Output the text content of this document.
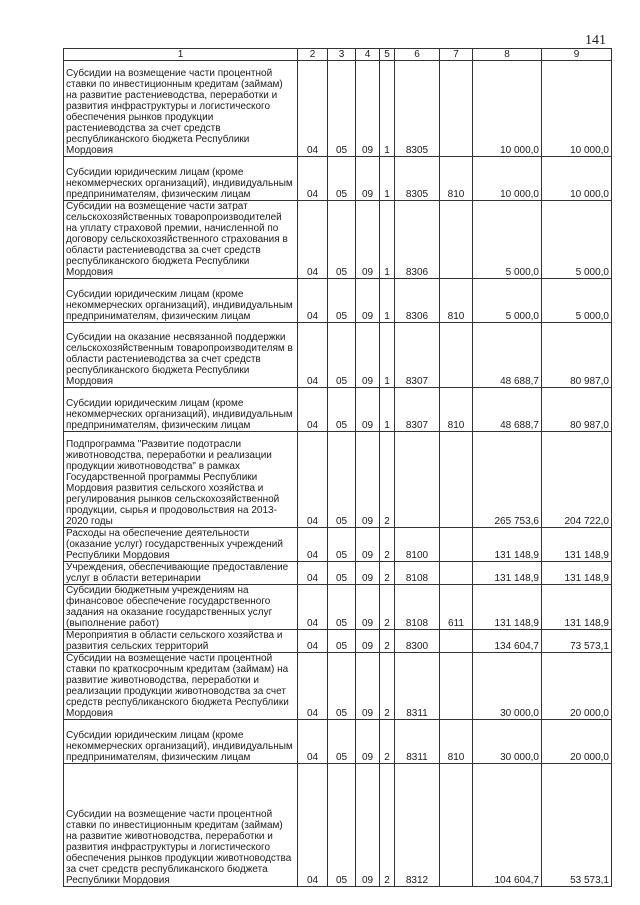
141
1	2	3	4	5	6	7	8	9
Субсидии на возмещение части процентной ставки по инвестиционным кредитам (займам) на развитие растениеводства, переработки и развития инфраструктуры и логистического обеспечения рынков продукции растениеводства за счет средств республиканского бюджета Республики Мордовия	04	05	09	1	8305		10 000,0	10 000,0
Субсидии юридическим лицам (кроме некоммерческих организаций), индивидуальным предпринимателям, физическим лицам	04	05	09	1	8305	810	10 000,0	10 000,0
Субсидии на возмещение части затрат сельскохозяйственных товаропроизводителей на уплату страховой премии, начисленной по договору сельскохозяйственного страхования в области растениеводства за счет средств республиканского бюджета Республики Мордовия	04	05	09	1	8306		5 000,0	5 000,0
Субсидии юридическим лицам (кроме некоммерческих организаций), индивидуальным предпринимателям, физическим лицам	04	05	09	1	8306	810	5 000,0	5 000,0
Субсидии на оказание несвязанной поддержки сельскохозяйственным товаропроизводителям в области растениеводства за счет средств республиканского бюджета Республики Мордовия	04	05	09	1	8307		48 688,7	80 987,0
Субсидии юридическим лицам (кроме некоммерческих организаций), индивидуальным предпринимателям, физическим лицам	04	05	09	1	8307	810	48 688,7	80 987,0
Подпрограмма "Развитие подотрасли животноводства, переработки и реализации продукции животноводства" в рамках Государственной программы Республики Мордовия развития сельского хозяйства и регулирования рынков сельскохозяйственной продукции, сырья и продовольствия на 2013-2020 годы	04	05	09	2			265 753,6	204 722,0
Расходы на обеспечение деятельности (оказание услуг) государственных учреждений Республики Мордовия	04	05	09	2	8100		131 148,9	131 148,9
Учреждения, обеспечивающие предоставление услуг в области ветеринарии	04	05	09	2	8108		131 148,9	131 148,9
Субсидии бюджетным учреждениям на финансовое обеспечение государственного задания на оказание государственных услуг (выполнение работ)	04	05	09	2	8108	611	131 148,9	131 148,9
Мероприятия в области сельского хозяйства и развития сельских территорий	04	05	09	2	8300		134 604,7	73 573,1
Субсидии на возмещение части процентной ставки по краткосрочным кредитам (займам) на развитие животноводства, переработки и реализации продукции животноводства за счет средств республиканского бюджета Республики Мордовия	04	05	09	2	8311		30 000,0	20 000,0
Субсидии юридическим лицам (кроме некоммерческих организаций), индивидуальным предпринимателям, физическим лицам	04	05	09	2	8311	810	30 000,0	20 000,0
Субсидии на возмещение части процентной ставки по инвестиционным кредитам (займам) на развитие животноводства, переработки и развития инфраструктуры и логистического обеспечения рынков продукции животноводства за счет средств республиканского бюджета Республики Мордовия	04	05	09	2	8312		104 604,7	53 573,1
